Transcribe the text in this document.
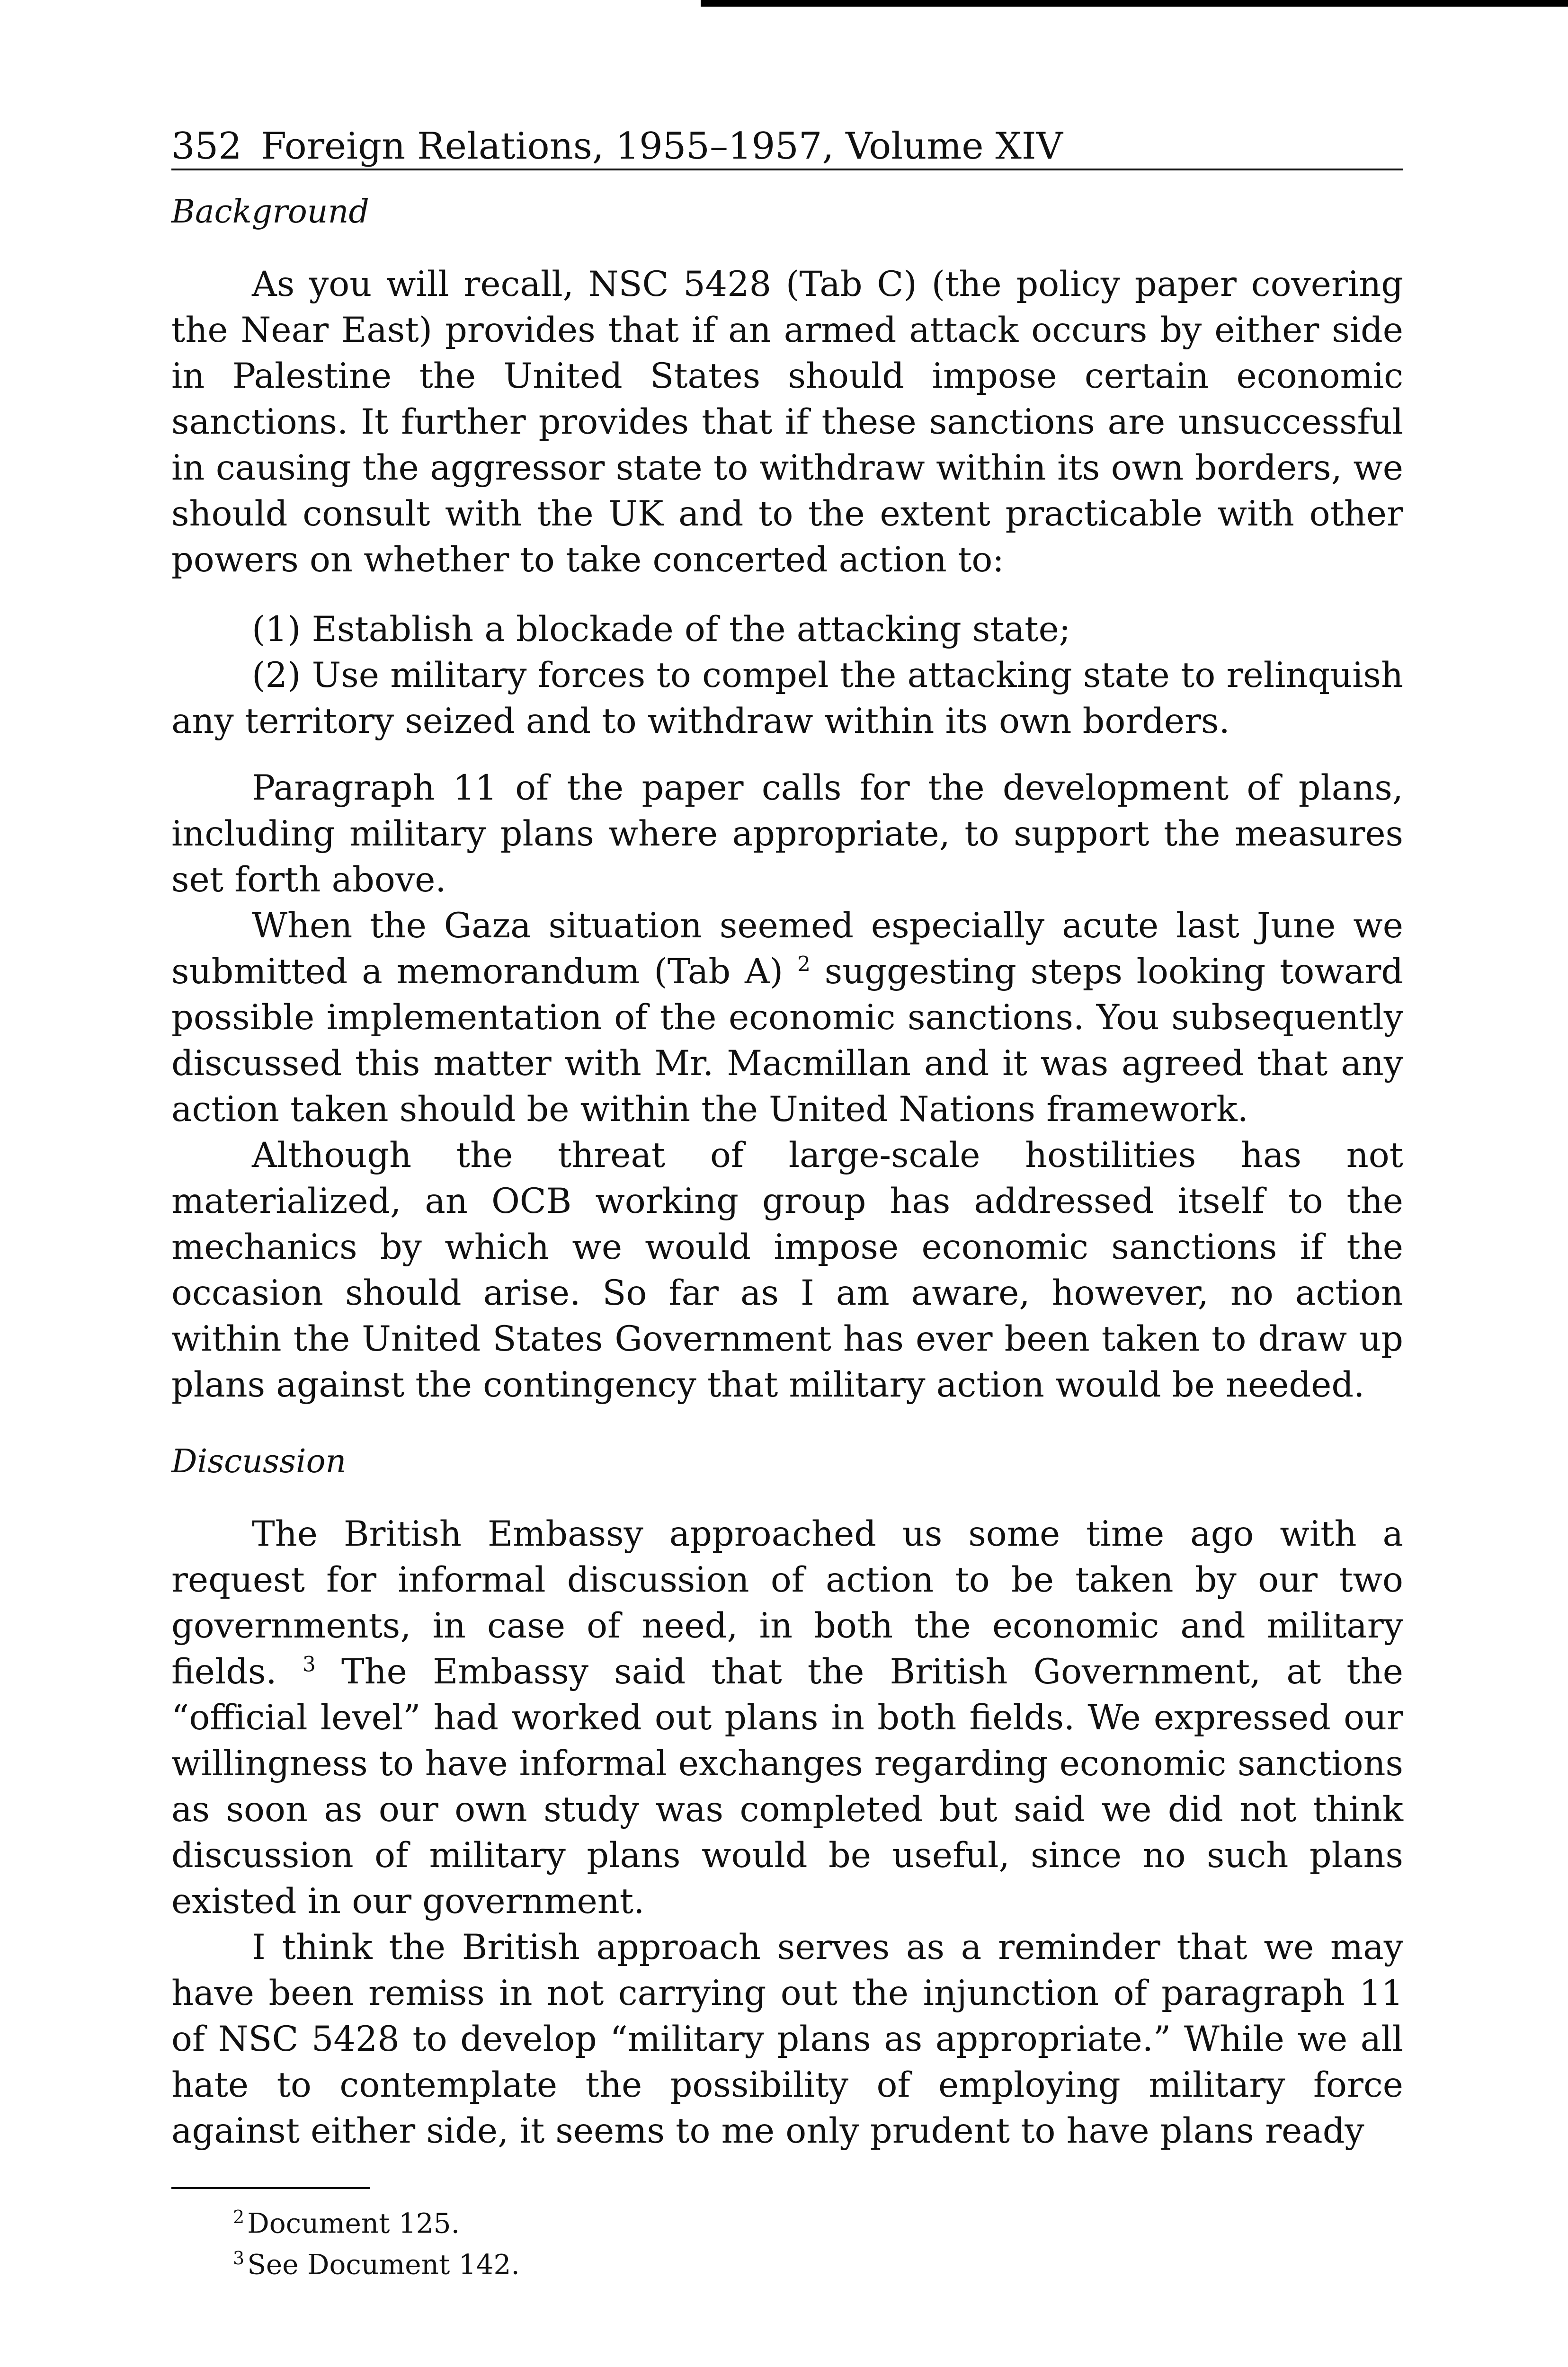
352 Foreign Relations, 1955–1957, Volume XIV
Background

As you will recall, NSC 5428 (Tab C) (the policy paper covering the Near East) provides that if an armed attack occurs by either side in Palestine the United States should impose certain economic sanctions. It further provides that if these sanctions are unsuccessful in causing the aggressor state to withdraw within its own borders, we should consult with the UK and to the extent practicable with other powers on whether to take concerted action to:

(1) Establish a blockade of the attacking state;

(2) Use military forces to compel the attacking state to relinquish any territory seized and to withdraw within its own borders.

Paragraph 11 of the paper calls for the development of plans, including military plans where appropriate, to support the measures set forth above.

When the Gaza situation seemed especially acute last June we submitted a memorandum (Tab A) $^2$ suggesting steps looking toward possible implementation of the economic sanctions. You subsequently discussed this matter with Mr. Macmillan and it was agreed that any action taken should be within the United Nations framework.

Although the threat of large-scale hostilities has not materialized, an OCB working group has addressed itself to the mechanics by which we would impose economic sanctions if the occasion should arise. So far as I am aware, however, no action within the United States Government has ever been taken to draw up plans against the contingency that military action would be needed.

Discussion

The British Embassy approached us some time ago with a request for informal discussion of action to be taken by our two governments, in case of need, in both the economic and military fields. $^3$ The Embassy said that the British Government, at the “official level” had worked out plans in both fields. We expressed our willingness to have informal exchanges regarding economic sanctions as soon as our own study was completed but said we did not think discussion of military plans would be useful, since no such plans existed in our government.

I think the British approach serves as a reminder that we may have been remiss in not carrying out the injunction of paragraph 11 of NSC 5428 to develop “military plans as appropriate.” While we all hate to contemplate the possibility of employing military force against either side, it seems to me only prudent to have plans ready

$^2$ Document 125.

$^3$ See Document 142.
